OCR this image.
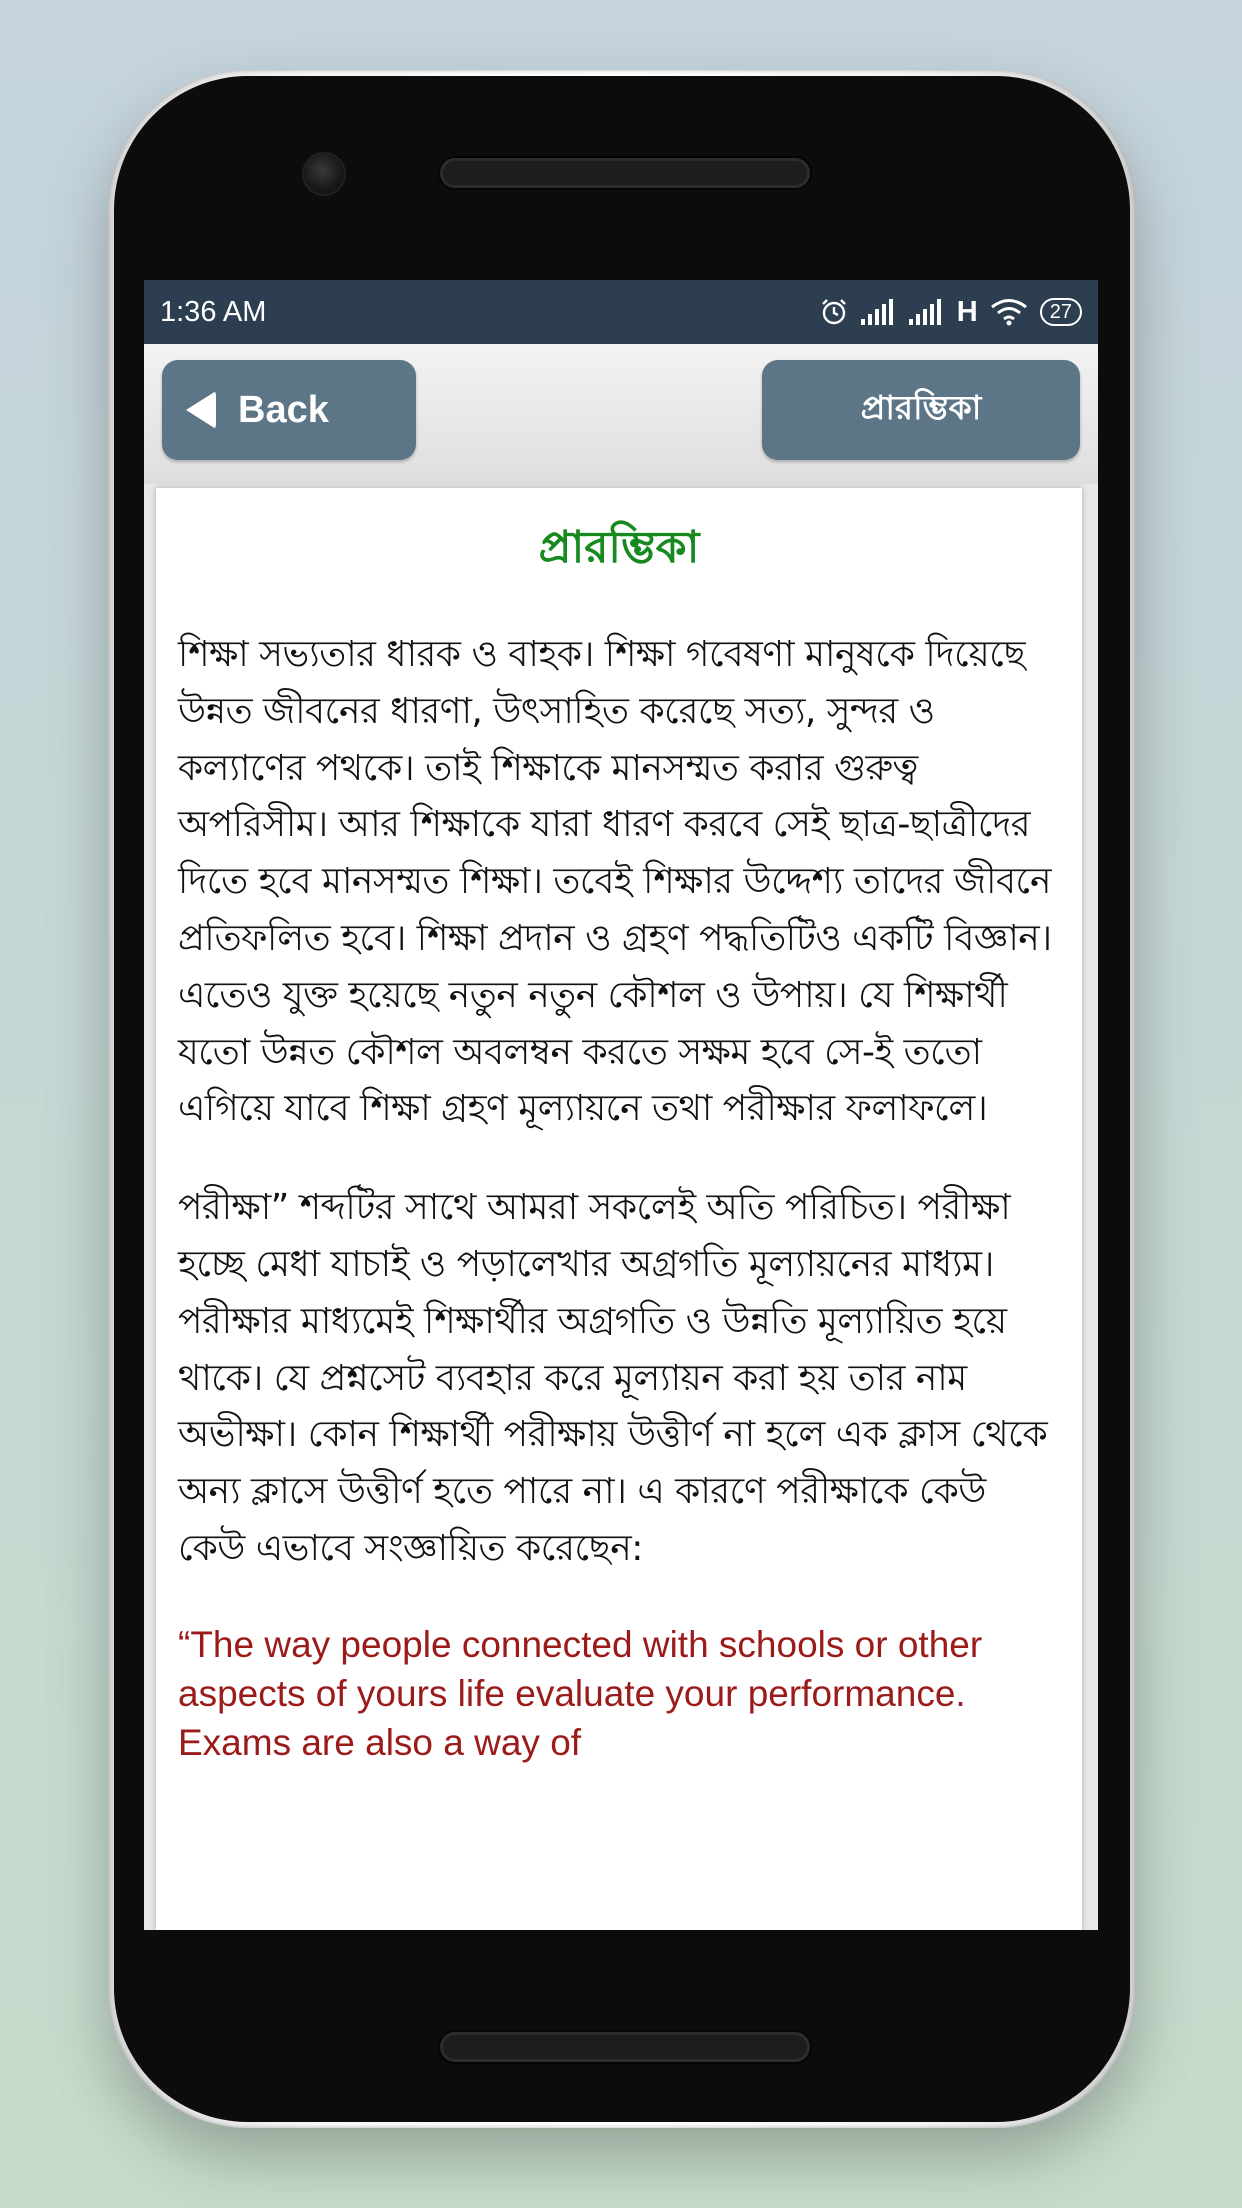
1:36 AM	H	27
Back	প্রারম্ভিকা
প্রারম্ভিকা

শিক্ষা সভ্যতার ধারক ও বাহক। শিক্ষা গবেষণা মানুষকে দিয়েছে উন্নত জীবনের ধারণা, উৎসাহিত করেছে সত্য, সুন্দর ও কল্যাণের পথকে। তাই শিক্ষাকে মানসম্মত করার গুরুত্ব অপরিসীম। আর শিক্ষাকে যারা ধারণ করবে সেই ছাত্র-ছাত্রীদের দিতে হবে মানসম্মত শিক্ষা। তবেই শিক্ষার উদ্দেশ্য তাদের জীবনে প্রতিফলিত হবে। শিক্ষা প্রদান ও গ্রহণ পদ্ধতিটিও একটি বিজ্ঞান। এতেও যুক্ত হয়েছে নতুন নতুন কৌশল ও উপায়। যে শিক্ষার্থী যতো উন্নত কৌশল অবলম্বন করতে সক্ষম হবে সে-ই ততো এগিয়ে যাবে শিক্ষা গ্রহণ মূল্যায়নে তথা পরীক্ষার ফলাফলে।

পরীক্ষা” শব্দটির সাথে আমরা সকলেই অতি পরিচিত। পরীক্ষা হচ্ছে মেধা যাচাই ও পড়ালেখার অগ্রগতি মূল্যায়নের মাধ্যম। পরীক্ষার মাধ্যমেই শিক্ষার্থীর অগ্রগতি ও উন্নতি মূল্যায়িত হয়ে থাকে। যে প্রশ্নসেট ব্যবহার করে মূল্যায়ন করা হয় তার নাম অভীক্ষা। কোন শিক্ষার্থী পরীক্ষায় উত্তীর্ণ না হলে এক ক্লাস থেকে অন্য ক্লাসে উত্তীর্ণ হতে পারে না। এ কারণে পরীক্ষাকে কেউ কেউ এভাবে সংজ্ঞায়িত করেছেন:

“The way people connected with schools or other aspects of yours life evaluate your performance. Exams are also a way of
